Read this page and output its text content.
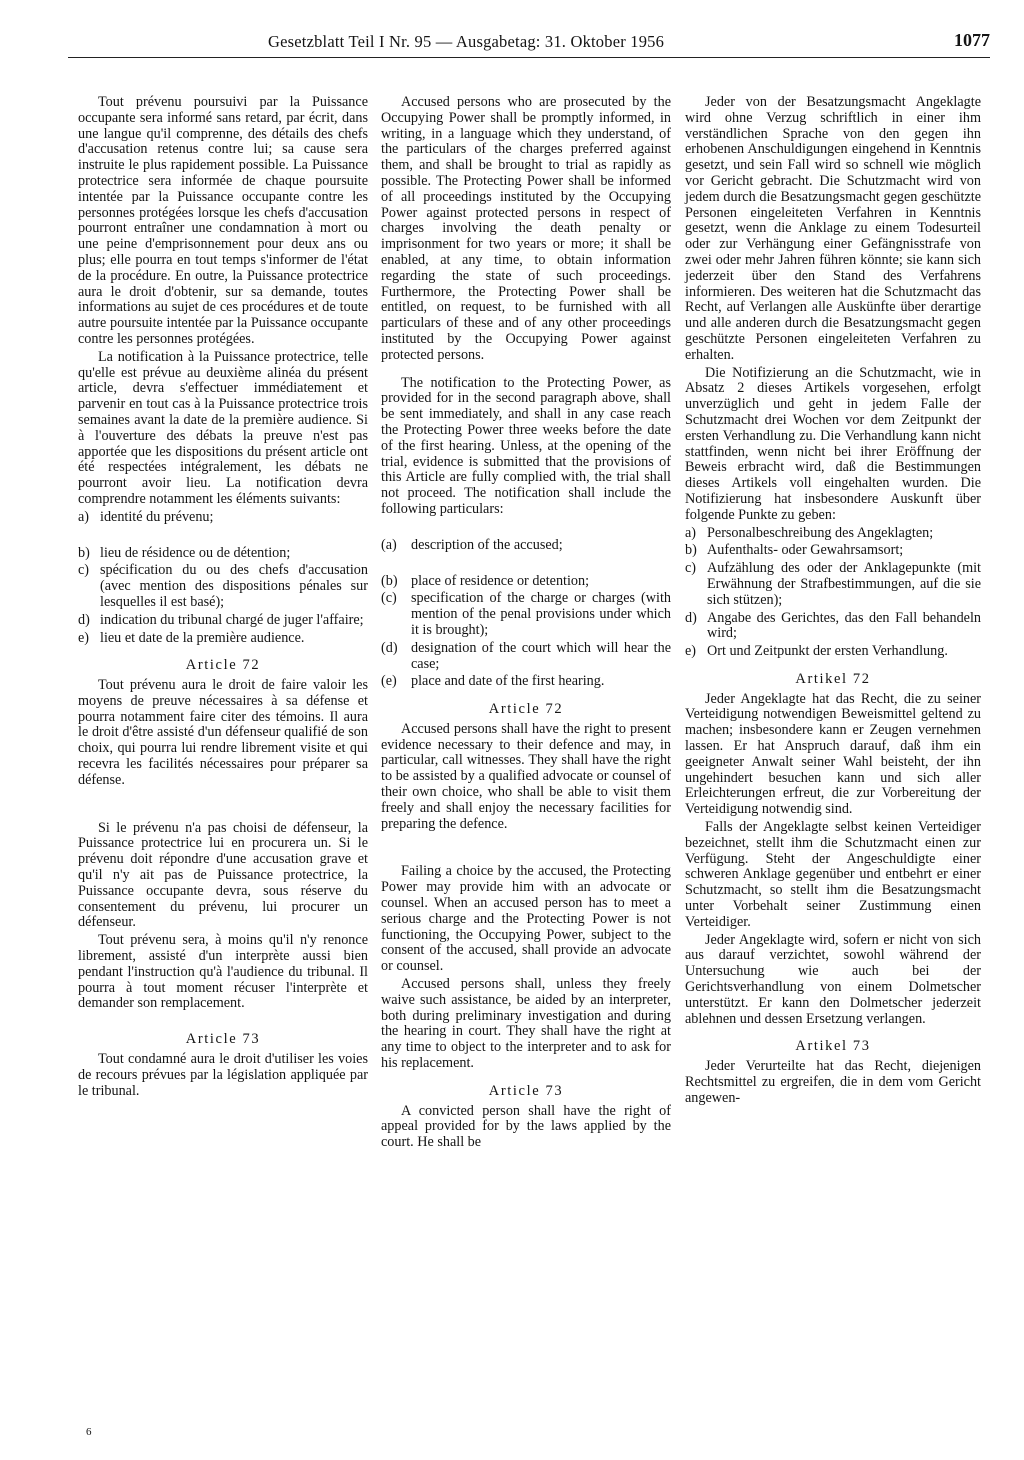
Gesetzblatt Teil I Nr. 95 — Ausgabetag: 31. Oktober 1956	1077

Tout prévenu poursuivi par la Puissance occupante sera informé sans retard, par écrit, dans une langue qu'il comprenne, des détails des chefs d'accusation retenus contre lui; sa cause sera instruite le plus rapidement possible. La Puissance protectrice sera informée de chaque poursuite intentée par la Puissance occupante contre les personnes protégées lorsque les chefs d'accusation pourront entraîner une condamnation à mort ou une peine d'emprisonnement pour deux ans ou plus; elle pourra en tout temps s'informer de l'état de la procédure. En outre, la Puissance protectrice aura le droit d'obtenir, sur sa demande, toutes informations au sujet de ces procédures et de toute autre poursuite intentée par la Puissance occupante contre les personnes protégées.

La notification à la Puissance protectrice, telle qu'elle est prévue au deuxième alinéa du présent article, devra s'effectuer immédiatement et parvenir en tout cas à la Puissance protectrice trois semaines avant la date de la première audience. Si à l'ouverture des débats la preuve n'est pas apportée que les dispositions du présent article ont été respectées intégralement, les débats ne pourront avoir lieu. La notification devra comprendre notamment les éléments suivants:

a) identité du prévenu;
b) lieu de résidence ou de détention;
c) spécification du ou des chefs d'accusation (avec mention des dispositions pénales sur lesquelles il est basé);
d) indication du tribunal chargé de juger l'affaire;
e) lieu et date de la première audience.
Article 72

Tout prévenu aura le droit de faire valoir les moyens de preuve nécessaires à sa défense et pourra notamment faire citer des témoins. Il aura le droit d'être assisté d'un défenseur qualifié de son choix, qui pourra lui rendre librement visite et qui recevra les facilités nécessaires pour préparer sa défense.

Si le prévenu n'a pas choisi de défenseur, la Puissance protectrice lui en procurera un. Si le prévenu doit répondre d'une accusation grave et qu'il n'y ait pas de Puissance protectrice, la Puissance occupante devra, sous réserve du consentement du prévenu, lui procurer un défenseur.

Tout prévenu sera, à moins qu'il n'y renonce librement, assisté d'un interprète aussi bien pendant l'instruction qu'à l'audience du tribunal. Il pourra à tout moment récuser l'interprète et demander son remplacement.

Article 73

Tout condamné aura le droit d'utiliser les voies de recours prévues par la législation appliquée par le tribunal.

Accused persons who are prosecuted by the Occupying Power shall be promptly informed, in writing, in a language which they understand, of the particulars of the charges preferred against them, and shall be brought to trial as rapidly as possible. The Protecting Power shall be informed of all proceedings instituted by the Occupying Power against protected persons in respect of charges involving the death penalty or imprisonment for two years or more; it shall be enabled, at any time, to obtain information regarding the state of such proceedings. Furthermore, the Protecting Power shall be entitled, on request, to be furnished with all particulars of these and of any other proceedings instituted by the Occupying Power against protected persons.

The notification to the Protecting Power, as provided for in the second paragraph above, shall be sent immediately, and shall in any case reach the Protecting Power three weeks before the date of the first hearing. Unless, at the opening of the trial, evidence is submitted that the provisions of this Article are fully complied with, the trial shall not proceed. The notification shall include the following particulars:

(a)	description of the accused;
(b) place of residence or detention;
(c)	specification of the charge or charges (with mention of the penal provisions under which it is brought);
(d) designation of the court which will hear the case;
(e)	place and date of the first hearing.
Article 72

Accused persons shall have the right to present evidence necessary to their defence and may, in particular, call witnesses. They shall have the right to be assisted by a qualified advocate or counsel of their own choice, who shall be able to visit them freely and shall enjoy the necessary facilities for preparing the defence.

Failing a choice by the accused, the Protecting Power may provide him with an advocate or counsel. When an accused person has to meet a serious charge and the Protecting Power is not functioning, the Occupying Power, subject to the consent of the accused, shall provide an advocate or counsel.

Accused persons shall, unless they freely waive such assistance, be aided by an interpreter, both during preliminary investigation and during the hearing in court. They shall have the right at any time to object to the interpreter and to ask for his replacement.

Article 73

A convicted person shall have the right of appeal provided for by the laws applied by the court. He shall be

Jeder von der Besatzungsmacht Angeklagte wird ohne Verzug schriftlich in einer ihm verständlichen Sprache von den gegen ihn erhobenen Anschuldigungen eingehend in Kenntnis gesetzt, und sein Fall wird so schnell wie möglich vor Gericht gebracht. Die Schutzmacht wird von jedem durch die Besatzungsmacht gegen geschützte Personen eingeleiteten Verfahren in Kenntnis gesetzt, wenn die Anklage zu einem Todesurteil oder zur Verhängung einer Gefängnisstrafe von zwei oder mehr Jahren führen könnte; sie kann sich jederzeit über den Stand des Verfahrens informieren. Des weiteren hat die Schutzmacht das Recht, auf Verlangen alle Auskünfte über derartige und alle anderen durch die Besatzungsmacht gegen geschützte Personen eingeleiteten Verfahren zu erhalten.

Die Notifizierung an die Schutzmacht, wie in Absatz 2 dieses Artikels vorgesehen, erfolgt unverzüglich und geht in jedem Falle der Schutzmacht drei Wochen vor dem Zeitpunkt der ersten Verhandlung zu. Die Verhandlung kann nicht stattfinden, wenn nicht bei ihrer Eröffnung der Beweis erbracht wird, daß die Bestimmungen dieses Artikels voll eingehalten wurden. Die Notifizierung hat insbesondere Auskunft über folgende Punkte zu geben:

a) Personalbeschreibung des Angeklagten;
b) Aufenthalts- oder Gewahrsamsort;
c) Aufzählung des oder der Anklagepunkte (mit Erwähnung der Strafbestimmungen, auf die sie sich stützen);
d) Angabe des Gerichtes, das den Fall behandeln wird;
e) Ort und Zeitpunkt der ersten Verhandlung.
Artikel 72

Jeder Angeklagte hat das Recht, die zu seiner Verteidigung notwendigen Beweismittel geltend zu machen; insbesondere kann er Zeugen vernehmen lassen. Er hat Anspruch darauf, daß ihm ein geeigneter Anwalt seiner Wahl beisteht, der ihn ungehindert besuchen kann und sich aller Erleichterungen erfreut, die zur Vorbereitung der Verteidigung notwendig sind.

Falls der Angeklagte selbst keinen Verteidiger bezeichnet, stellt ihm die Schutzmacht einen zur Verfügung. Steht der Angeschuldigte einer schweren Anklage gegenüber und entbehrt er einer Schutzmacht, so stellt ihm die Besatzungsmacht unter Vorbehalt seiner Zustimmung einen Verteidiger.

Jeder Angeklagte wird, sofern er nicht von sich aus darauf verzichtet, sowohl während der Untersuchung wie auch bei der Gerichtsverhandlung von einem Dolmetscher unterstützt. Er kann den Dolmetscher jederzeit ablehnen und dessen Ersetzung verlangen.

Artikel 73

Jeder Verurteilte hat das Recht, diejenigen Rechtsmittel zu ergreifen, die in dem vom Gericht angewen-

6
